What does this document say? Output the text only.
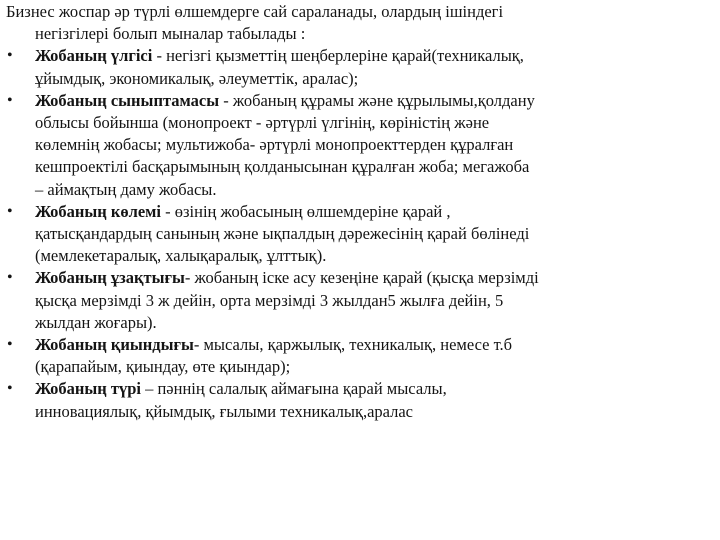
Бизнес жоспар әр түрлі өлшемдерге сай сараланады, олардың ішіндегі
негізгілері болып мыналар табылады :

• Жобаның үлгісі - негізгі қызметтің шеңберлеріне қарай(техникалық,
ұйымдық, экономикалық, әлеуметтік, аралас);
• Жобаның сыныптамасы - жобаның құрамы және құрылымы,қолдану
облысы бойынша (монопроект - әртүрлі үлгінің, көріністің және
көлемнің жобасы; мультижоба- әртүрлі монопроекттерден құралған
кешпроектілі басқарымының қолданысынан құралған жоба; мегажоба
– аймақтың даму жобасы.
• Жобаның көлемі - өзінің жобасының өлшемдеріне қарай ,
қатысқандардың санының және ықпалдың дәрежесінің қарай бөлінеді
(мемлекетаралық, халықаралық, ұлттық).
• Жобаның ұзақтығы- жобаның іске асу кезеңіне қарай (қысқа мерзімді
қысқа мерзімді 3 ж дейін, орта мерзімді 3 жылдан5 жылға дейін, 5
жылдан жоғары).
• Жобаның қиындығы- мысалы, қаржылық, техникалық, немесе т.б
(қарапайым, қиындау, өте қиындар);
• Жобаның түрі – пәннің салалық аймағына қарай мысалы,
инновациялық, қйымдық, ғылыми техникалық,аралас
